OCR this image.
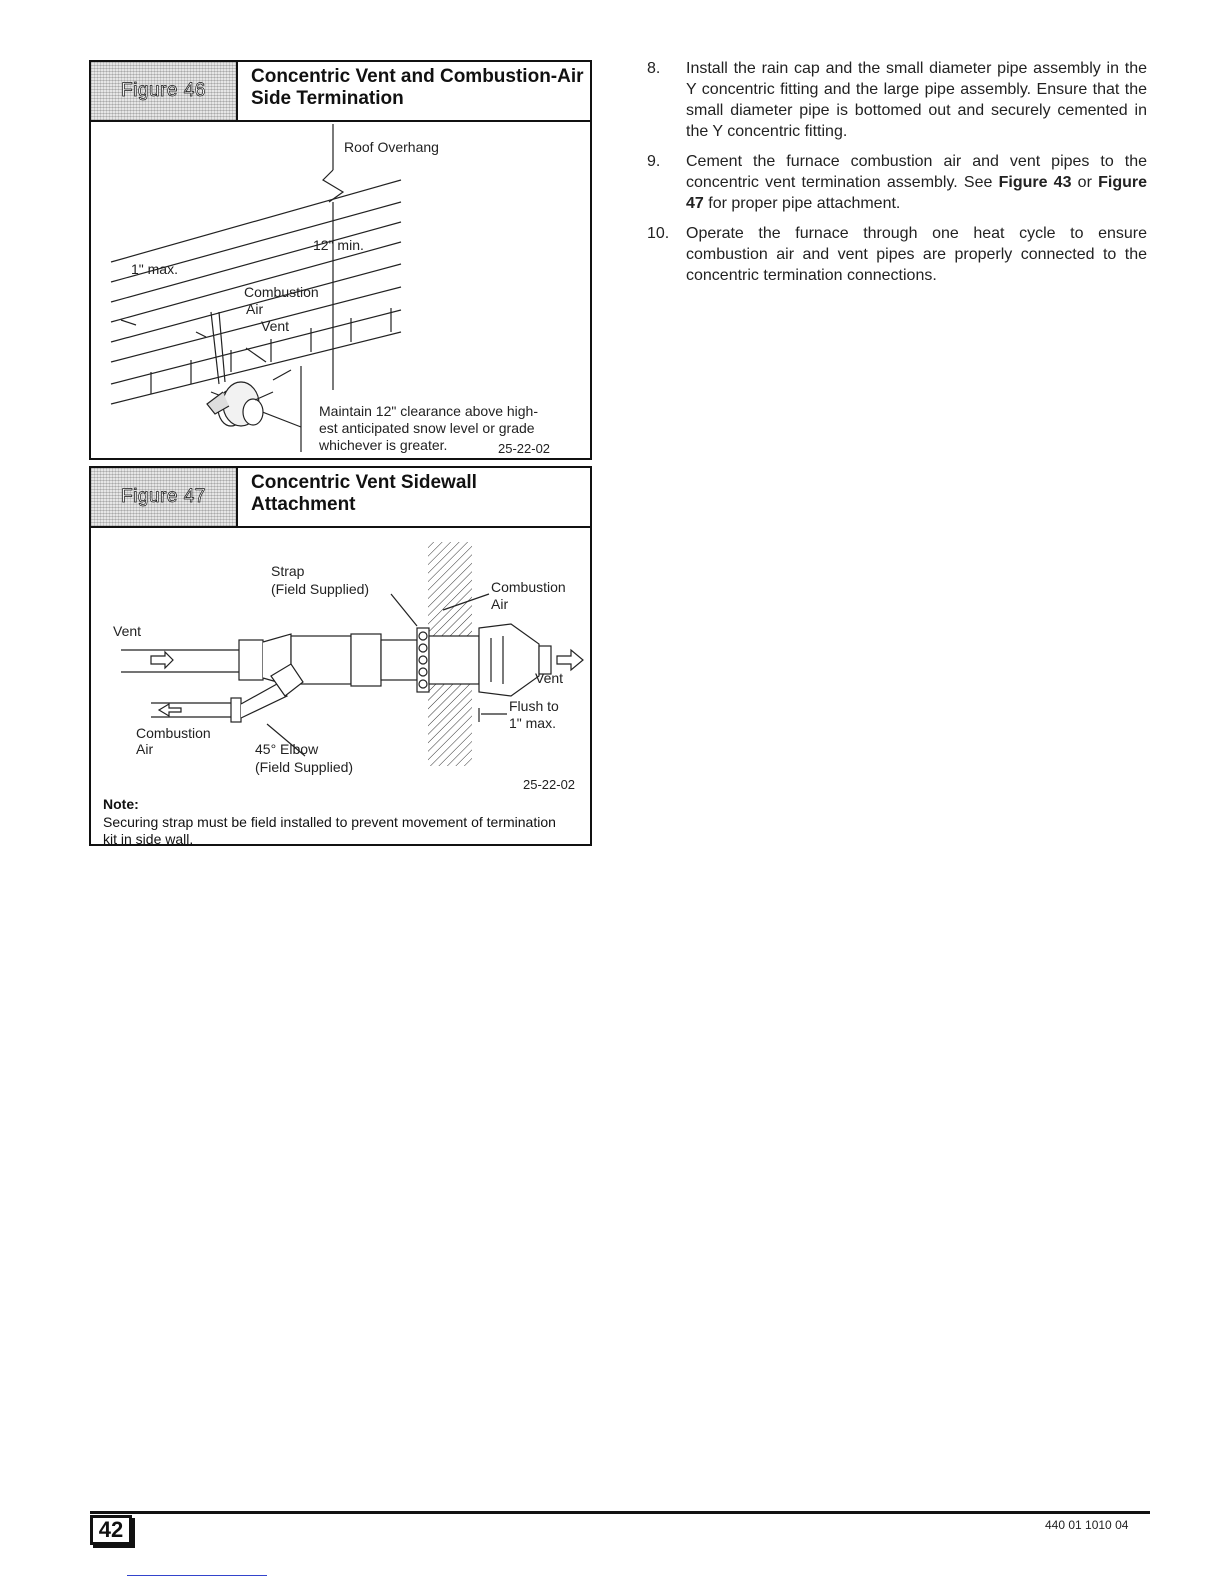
Figure 46
Concentric Vent and Combustion-Air Side Termination
Roof Overhang
12" min.
1" max.
Combustion
Air
Vent
Maintain 12" clearance above high-
est anticipated snow level or grade
whichever is greater.	25-22-02
Figure 47
Concentric Vent Sidewall Attachment
Strap
(Field Supplied)	Combustion
Air
Vent
Vent
Flush to
1" max.
Combustion
Air	45° Elbow
(Field Supplied)
25-22-02
Note:
Securing strap must be field installed to prevent movement of termination kit in side wall.
8. Install the rain cap and the small diameter pipe assembly in the Y concentric fitting and the large pipe assembly. Ensure that the small diameter pipe is bottomed out and securely cemented in the Y concentric fitting.
9. Cement the furnace combustion air and vent pipes to the concentric vent termination assembly. See Figure 43 or Figure 47 for proper pipe attachment.
10. Operate the furnace through one heat cycle to ensure combustion air and vent pipes are properly connected to the concentric termination connections.
42	440 01 1010 04
